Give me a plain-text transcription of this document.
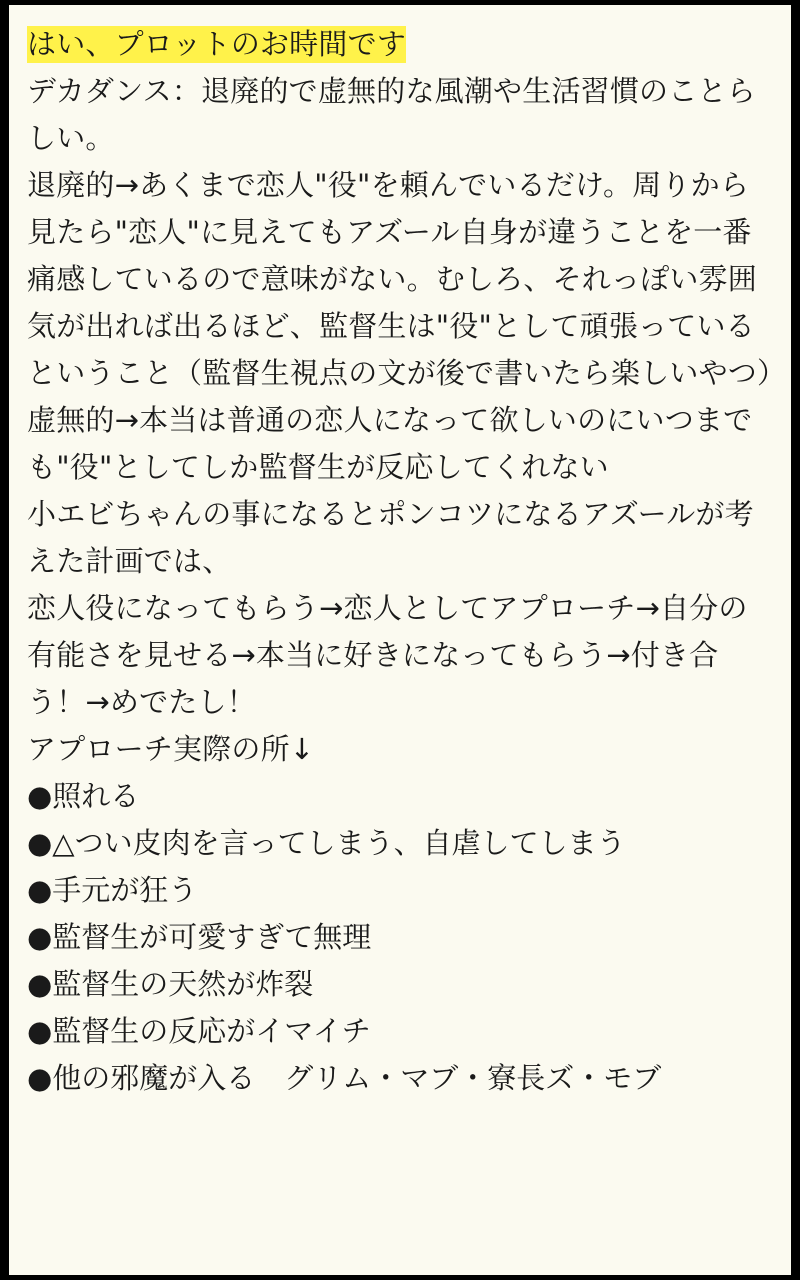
はい、プロットのお時間です

デカダンス：退廃的で虚無的な風潮や生活習慣のことらしい。

退廃的→あくまで恋人"役"を頼んでいるだけ。周りから見たら"恋人"に見えてもアズール自身が違うことを一番痛感しているので意味がない。むしろ、それっぽい雰囲気が出れば出るほど、監督生は"役"として頑張っているということ（監督生視点の文が後で書いたら楽しいやつ）

虚無的→本当は普通の恋人になって欲しいのにいつまでも"役"としてしか監督生が反応してくれない

小エビちゃんの事になるとポンコツになるアズールが考えた計画では、

恋人役になってもらう→恋人としてアプローチ→自分の有能さを見せる→本当に好きになってもらう→付き合う！→めでたし！

アプローチ実際の所↓

●照れる
●△つい皮肉を言ってしまう、自虐してしまう
●手元が狂う
●監督生が可愛すぎて無理
●監督生の天然が炸裂
●監督生の反応がイマイチ
●他の邪魔が入る　グリム・マブ・寮長ズ・モブ
